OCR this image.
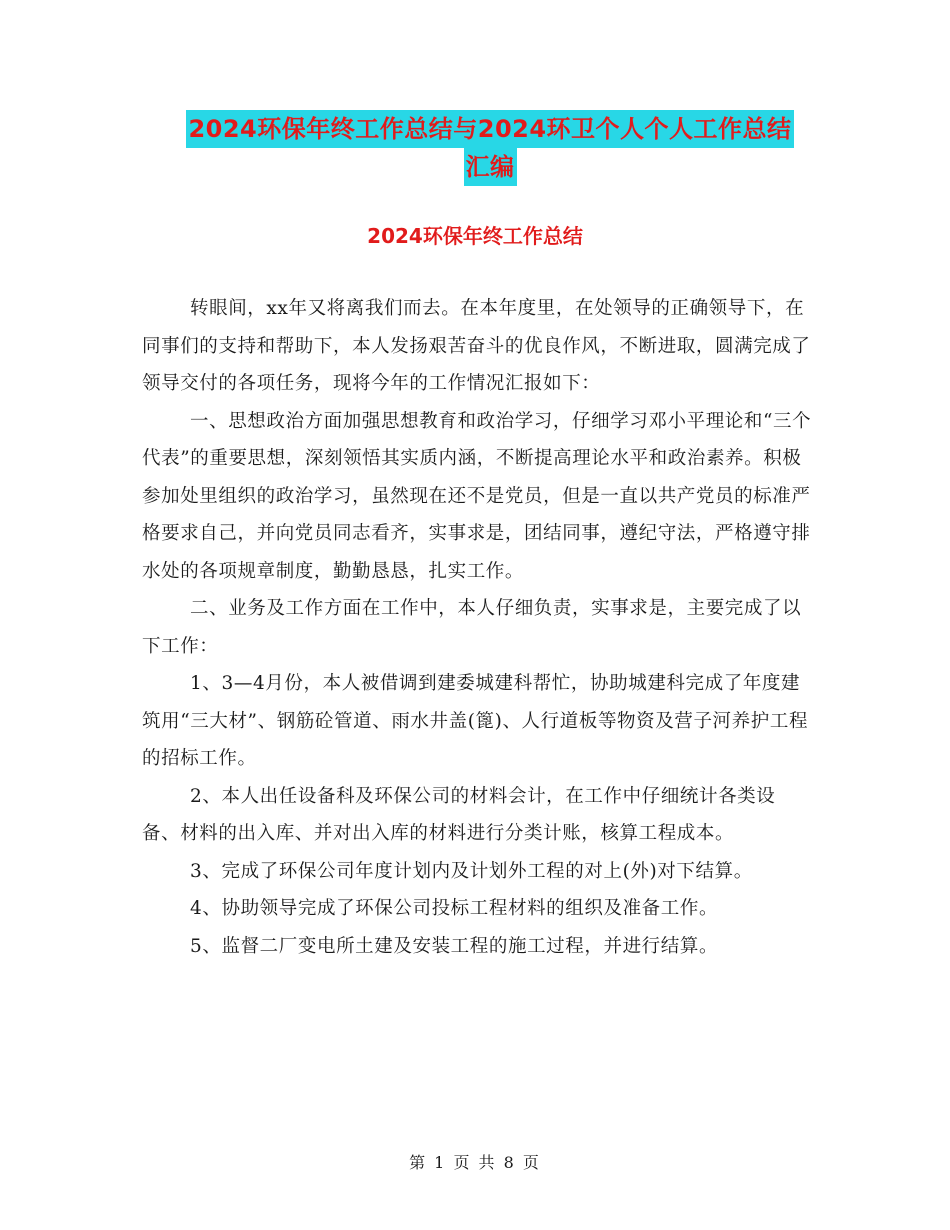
2024环保年终工作总结与2024环卫个人个人工作总结
汇编
2024环保年终工作总结

转眼间，xx年又将离我们而去。在本年度里，在处领导的正确领导下，在同事们的支持和帮助下，本人发扬艰苦奋斗的优良作风，不断进取，圆满完成了领导交付的各项任务，现将今年的工作情况汇报如下：

一、思想政治方面加强思想教育和政治学习，仔细学习邓小平理论和“三个代表”的重要思想，深刻领悟其实质内涵，不断提高理论水平和政治素养。积极参加处里组织的政治学习，虽然现在还不是党员，但是一直以共产党员的标准严格要求自己，并向党员同志看齐，实事求是，团结同事，遵纪守法，严格遵守排水处的各项规章制度，勤勤恳恳，扎实工作。

二、业务及工作方面在工作中，本人仔细负责，实事求是，主要完成了以下工作：

1、3—4月份，本人被借调到建委城建科帮忙，协助城建科完成了年度建筑用“三大材”、钢筋砼管道、雨水井盖(篦)、人行道板等物资及营子河养护工程的招标工作。

2、本人出任设备科及环保公司的材料会计，在工作中仔细统计各类设备、材料的出入库、并对出入库的材料进行分类计账，核算工程成本。

3、完成了环保公司年度计划内及计划外工程的对上(外)对下结算。

4、协助领导完成了环保公司投标工程材料的组织及准备工作。

5、监督二厂变电所土建及安装工程的施工过程，并进行结算。

第 1 页 共 8 页
